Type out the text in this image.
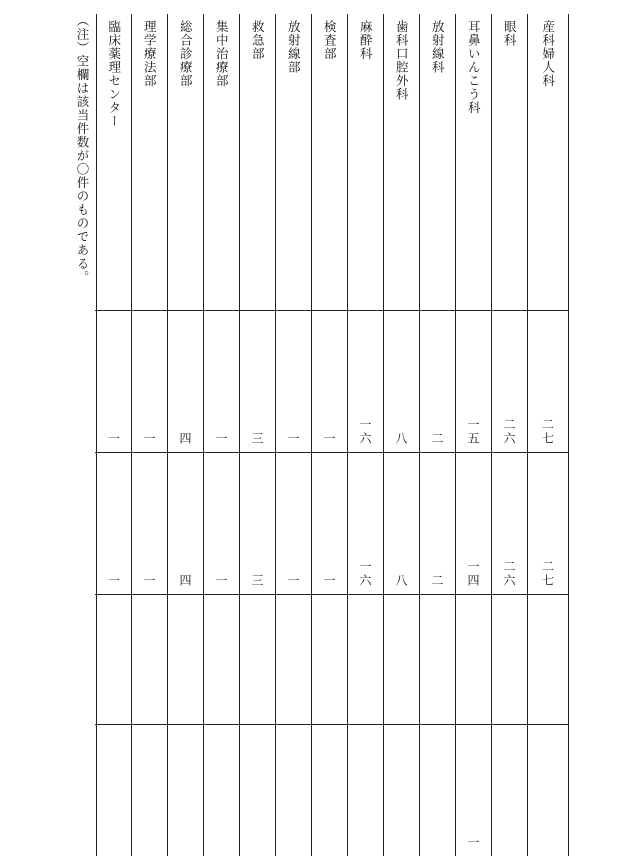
（注）空欄は該当件数が〇件のものである。	産科婦人科
二七
二七
眼科
二六
二六
耳鼻いんこう科
一五
一四
一
放射線科
二
二
歯科口腔外科
八
八
麻酔科
一六
一六
検査部
一
一
放射線部
一
一
救急部
三
三
集中治療部
一
一
総合診療部
四
四
理学療法部
一
一
臨床薬理センター
一
一
